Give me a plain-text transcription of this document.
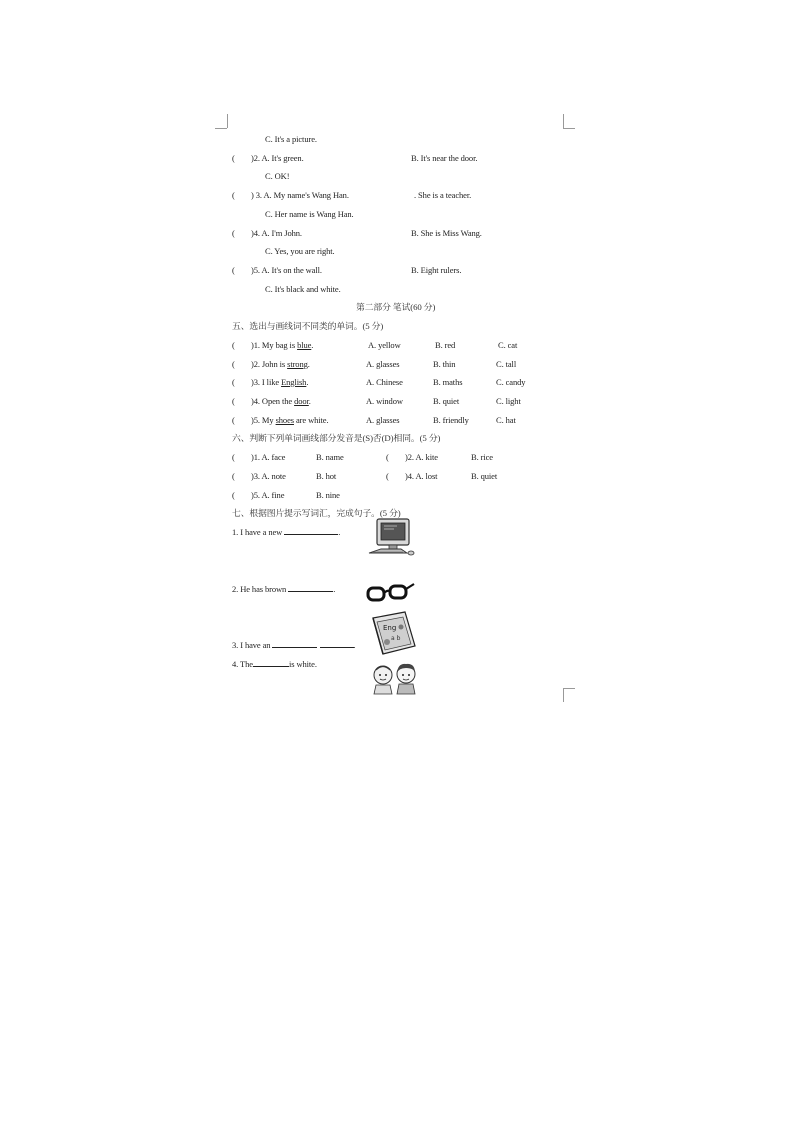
C. It's a picture.
( )2. A. It's green.	B. It's near the door.
C. OK!
( ) 3. A. My name's Wang Han.	. She is a teacher.
C. Her name is Wang Han.
( )4. A. I'm John.	B. She is Miss Wang.
C. Yes, you are right.
( )5. A. It's on the wall.	B. Eight rulers.
C. It's black and white.
第二部分 笔试(60 分)
五、选出与画线词不同类的单词。(5 分)
( )1. My bag is blue.	A. yellow	B. red	C. cat
( )2. John is strong.	A. glasses	B. thin	C. tall
( )3. I like English.	A. Chinese	B. maths	C. candy
( )4. Open the door.	A. window	B. quiet	C. light
( )5. My shoes are white.	A. glasses	B. friendly	C. hat
六、判断下列单词画线部分发音是(S)否(D)相同。(5 分)
( )1. A. face	B. name	( )2. A. kite	B. rice
( )3. A. note	B. hot	( )4. A. lost	B. quiet
( )5. A. fine	B. nine
七、根据图片提示写词汇，完成句子。(5 分)
1. I have a new	.
2. He has brown	.
3. I have an	.
4. The	is white.
Eng
a b
